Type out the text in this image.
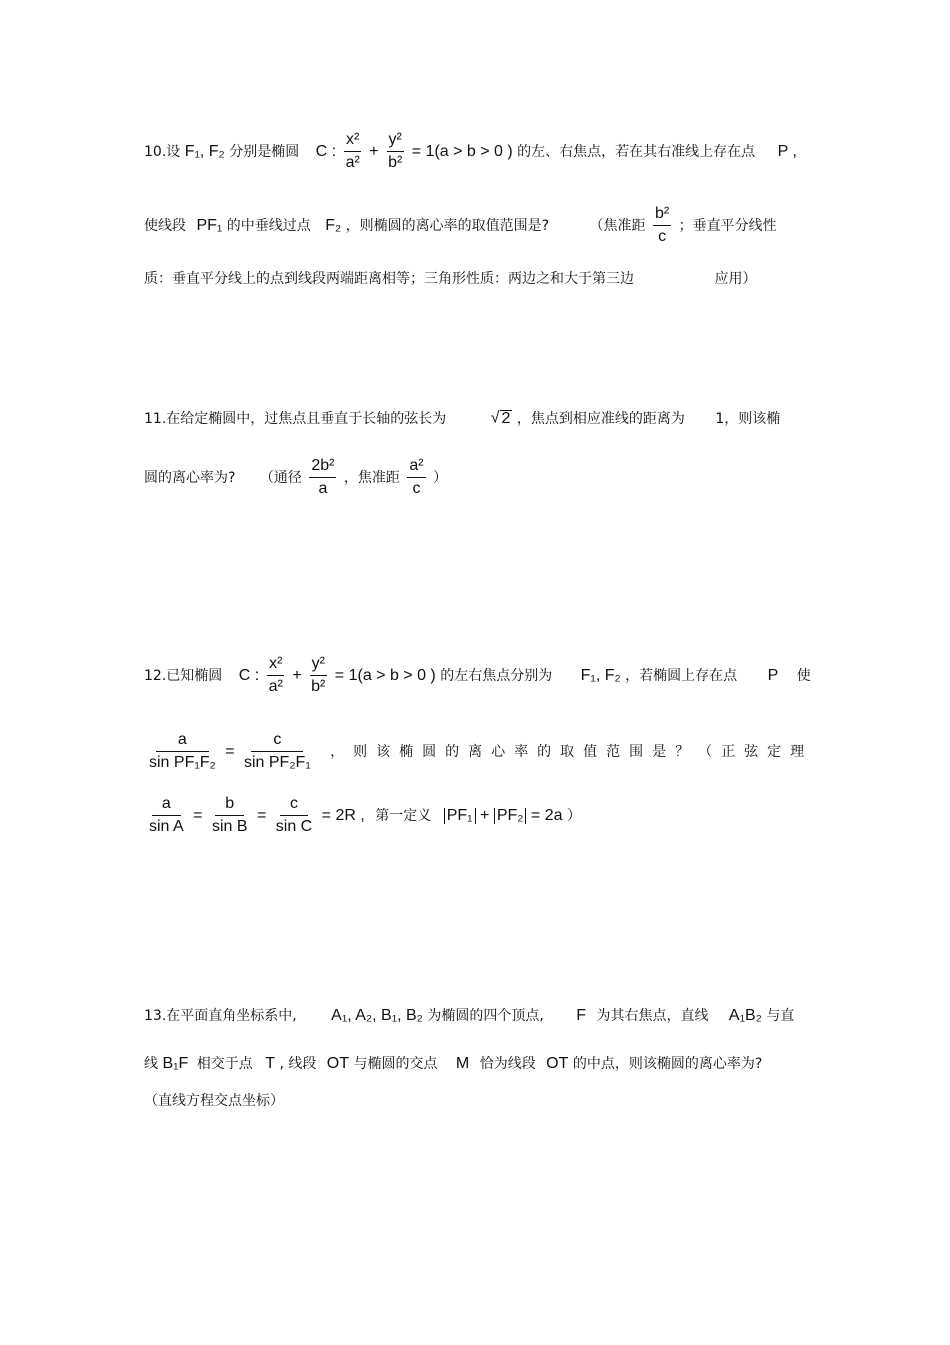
10.设 F₁, F₂ 分别是椭圆 C : $\frac{\text{x²}}{\text{a²}} + \frac{\text{y²}}{\text{b²}} = 1(a > b > 0$ ) 的左、右焦点，若在其右准线上存在点 P ,
使线段 PF₁ 的中垂线过点 F₂ ，则椭圆的离心率的取值范围是?	（焦准距 $\frac{\text{b²}}{c}$ ；垂直平分线性
质：垂直平分线上的点到线段两端距离相等；三角形性质：两边之和大于第三边	应用）
11.在给定椭圆中，过焦点且垂直于长轴的弦长为	√ 2 ，焦点到相应准线的距离为 1，则该椭
圆的离心率为? （通径 $\frac{\text{2b²}}{a}$ ，焦准距 $\frac{\text{a²}}{c}$ ）
12.已知椭圆 C : $\frac{\text{x²}}{\text{a²}} + \frac{\text{y²}}{\text{b²}} = 1(a > b > 0$ ) 的左右焦点分别为 F₁, F₂ ，若椭圆上存在点 P 使
$\frac{a}{\text{sin PF₁F₂}} = \frac{c}{\text{sin PF₂F₁}}$ ，则该椭圆的离心率的取值范围是？（正弦定理
$\frac{a}{\text{sin A}} = \frac{b}{\text{sin B}} = \frac{c}{\text{sin C}} = 2R$ , 第一定义 PF₁ + PF₂ = 2a ）
13.在平面直角坐标系中, A₁, A₂, B₁, B₂ 为椭圆的四个顶点, F 为其右焦点，直线 A₁B₂ 与直
线 B₁F 相交于点 T , 线段 OT 与椭圆的交点 M 恰为线段 OT 的中点，则该椭圆的离心率为?
（直线方程交点坐标）
